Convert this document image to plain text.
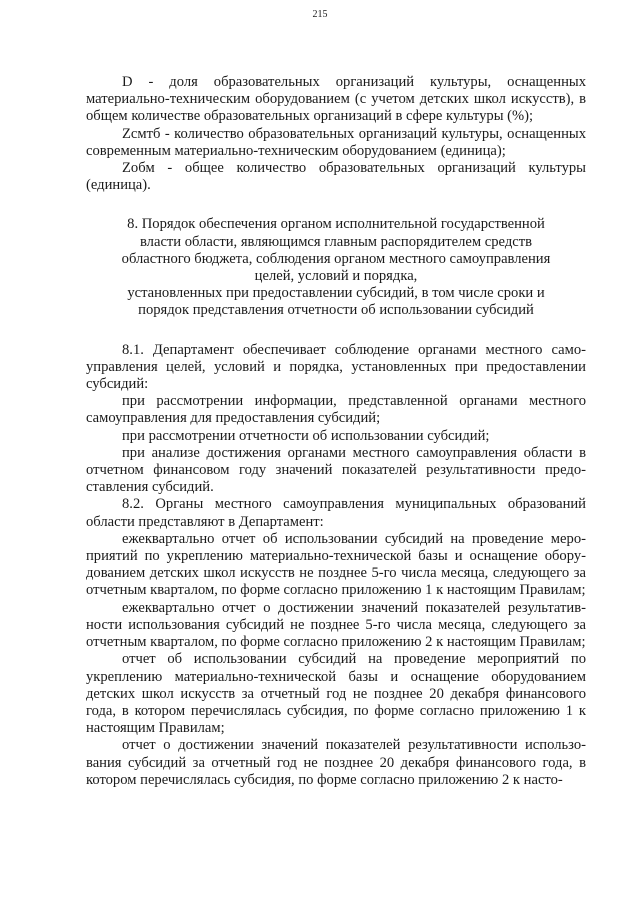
215

D - доля образовательных организаций культуры, оснащенных материально-техническим оборудованием (с учетом детских школ искусств), в общем количестве образовательных организаций в сфере культуры (%);

Zсмтб - количество образовательных организаций культуры, оснащенных современным материально-техническим оборудованием (единица);

Zобм - общее количество образовательных организаций культуры (единица).

8. Порядок обеспечения органом исполнительной государственной
власти области, являющимся главным распорядителем средств
областного бюджета, соблюдения органом местного самоуправления
целей, условий и порядка,
установленных при предоставлении субсидий, в том числе сроки и
порядок представления отчетности об использовании субсидий

8.1. Департамент обеспечивает соблюдение органами местного самоуправления целей, условий и порядка, установленных при предоставлении субсидий:

при рассмотрении информации, представленной органами местного самоуправления для предоставления субсидий;

при рассмотрении отчетности об использовании субсидий;

при анализе достижения органами местного самоуправления области в отчетном финансовом году значений показателей результативности предоставления субсидий.

8.2. Органы местного самоуправления муниципальных образований области представляют в Департамент:

ежеквартально отчет об использовании субсидий на проведение мероприятий по укреплению материально-технической базы и оснащение оборудованием детских школ искусств не позднее 5-го числа месяца, следующего за отчетным кварталом, по форме согласно приложению 1 к настоящим Правилам;

ежеквартально отчет о достижении значений показателей результативности использования субсидий не позднее 5-го числа месяца, следующего за отчетным кварталом, по форме согласно приложению 2 к настоящим Правилам;

отчет об использовании субсидий на проведение мероприятий по укреплению материально-технической базы и оснащение оборудованием детских школ искусств за отчетный год не позднее 20 декабря финансового года, в котором перечислялась субсидия, по форме согласно приложению 1 к настоящим Правилам;

отчет о достижении значений показателей результативности использования субсидий за отчетный год не позднее 20 декабря финансового года, в котором перечислялась субсидия, по форме согласно приложению 2 к насто-
